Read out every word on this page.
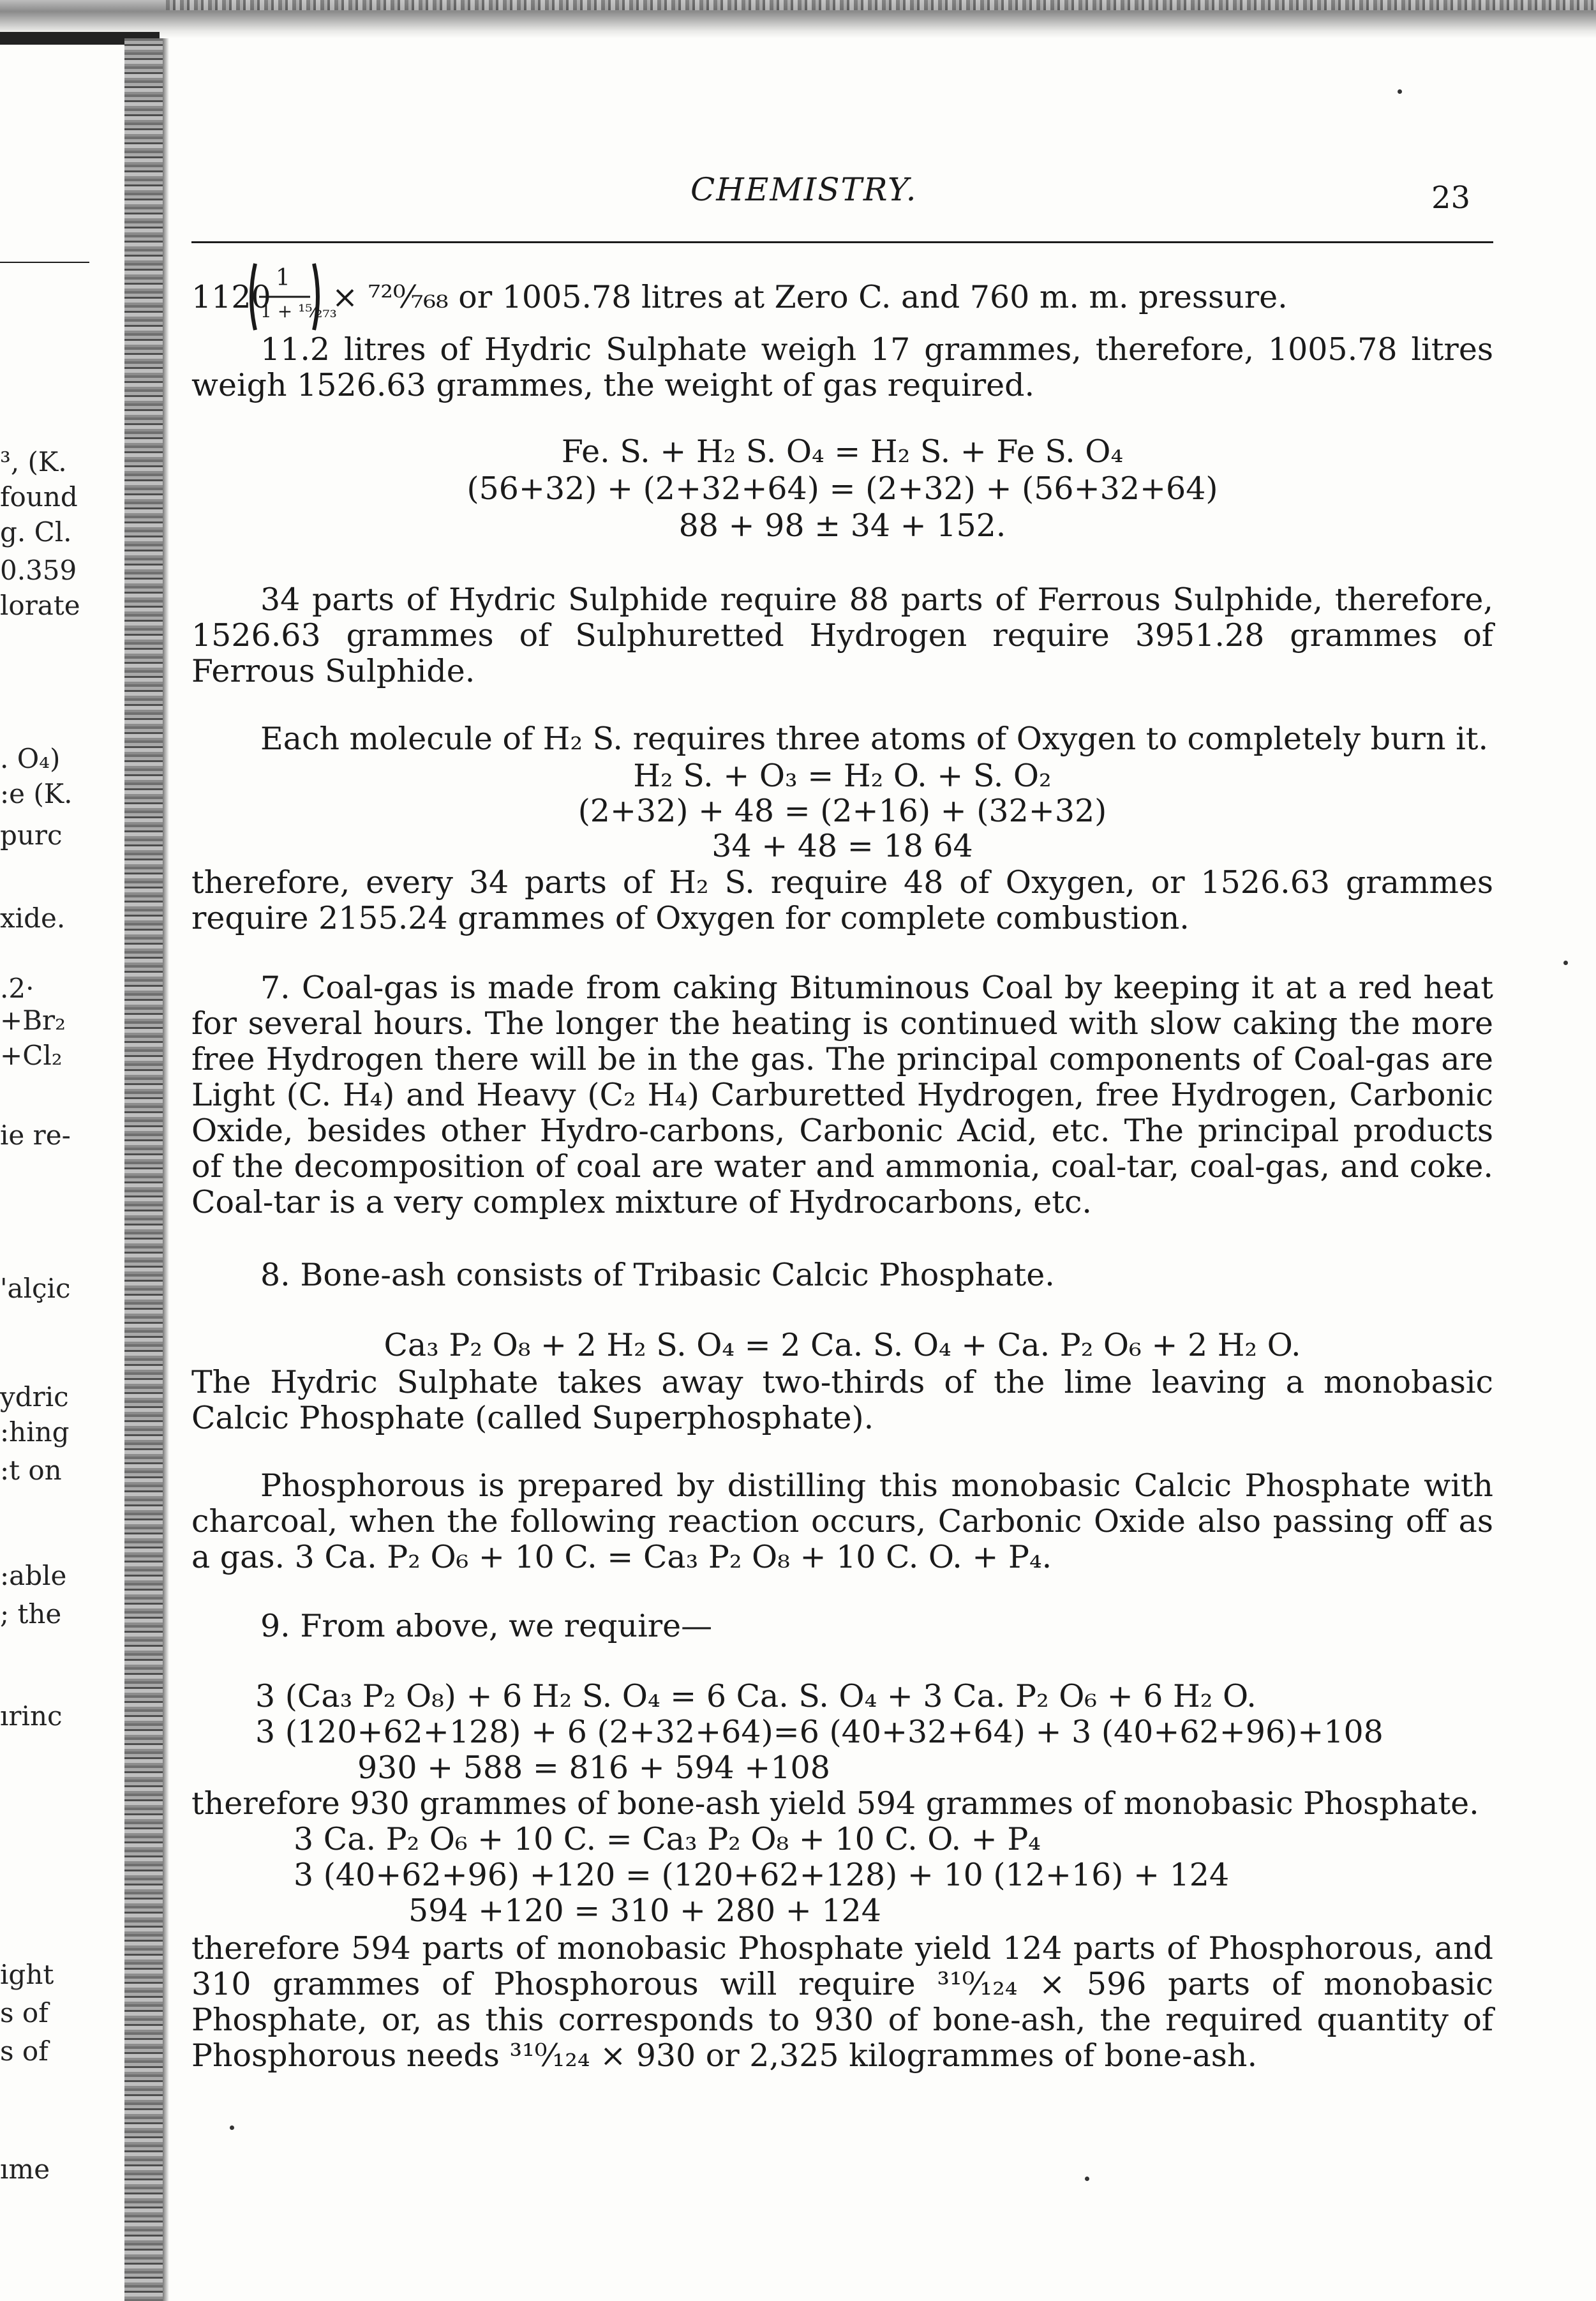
³, (K.
found
g. Cl.
0.359
lorate
. O₄)
:e (K.
purc
xide.
.2·
+Br₂
+Cl₂
ie re-
'alçic
ydric
:hing
:t on
:able
; the
ırinc
ight
s of
s of
ıme
CHEMISTRY.	23
1120
1
1 + ¹⁵⁄₂₇₃
× ⁷²⁰⁄₇₆₈ or 1005.78 litres at Zero C. and 760 m. m. pressure.
11.2 litres of Hydric Sulphate weigh 17 grammes, therefore, 1005.78 litres weigh 1526.63 grammes, the weight of gas required.
Fe. S. + H₂ S. O₄ = H₂ S. + Fe S. O₄
(56+32) + (2+32+64) = (2+32) + (56+32+64)
88 + 98 ± 34 + 152.
34 parts of Hydric Sulphide require 88 parts of Ferrous Sulphide, therefore, 1526.63 grammes of Sulphuretted Hydrogen require 3951.28 grammes of Ferrous Sulphide.
Each molecule of H₂ S. requires three atoms of Oxygen to completely burn it.
H₂ S. + O₃ = H₂ O. + S. O₂
(2+32) + 48 = (2+16) + (32+32)
34 + 48 = 18 64
therefore, every 34 parts of H₂ S. require 48 of Oxygen, or 1526.63 grammes require 2155.24 grammes of Oxygen for complete combustion.
7. Coal-gas is made from caking Bituminous Coal by keeping it at a red heat for several hours. The longer the heating is continued with slow caking the more free Hydrogen there will be in the gas. The principal components of Coal-gas are Light (C. H₄) and Heavy (C₂ H₄) Carburetted Hydrogen, free Hydrogen, Carbonic Oxide, besides other Hydro-carbons, Carbonic Acid, etc. The principal products of the decomposition of coal are water and ammonia, coal-tar, coal-gas, and coke. Coal-tar is a very complex mixture of Hydrocarbons, etc.
8. Bone-ash consists of Tribasic Calcic Phosphate.
Ca₃ P₂ O₈ + 2 H₂ S. O₄ = 2 Ca. S. O₄ + Ca. P₂ O₆ + 2 H₂ O.
The Hydric Sulphate takes away two-thirds of the lime leaving a monobasic Calcic Phosphate (called Superphosphate).
Phosphorous is prepared by distilling this monobasic Calcic Phosphate with charcoal, when the following reaction occurs, Carbonic Oxide also passing off as a gas. 3 Ca. P₂ O₆ + 10 C. = Ca₃ P₂ O₈ + 10 C. O. + P₄.
9. From above, we require—
3 (Ca₃ P₂ O₈) + 6 H₂ S. O₄ = 6 Ca. S. O₄ + 3 Ca. P₂ O₆ + 6 H₂ O.
3 (120+62+128) + 6 (2+32+64)=6 (40+32+64) + 3 (40+62+96)+108
930 + 588 = 816 + 594 +108
therefore 930 grammes of bone-ash yield 594 grammes of monobasic Phosphate.
3 Ca. P₂ O₆ + 10 C. = Ca₃ P₂ O₈ + 10 C. O. + P₄
3 (40+62+96) +120 = (120+62+128) + 10 (12+16) + 124
594 +120 = 310 + 280 + 124
therefore 594 parts of monobasic Phosphate yield 124 parts of Phosphorous, and 310 grammes of Phosphorous will require ³¹⁰⁄₁₂₄ × 596 parts of monobasic Phosphate, or, as this corresponds to 930 of bone-ash, the required quantity of Phosphorous needs ³¹⁰⁄₁₂₄ × 930 or 2,325 kilogrammes of bone-ash.
